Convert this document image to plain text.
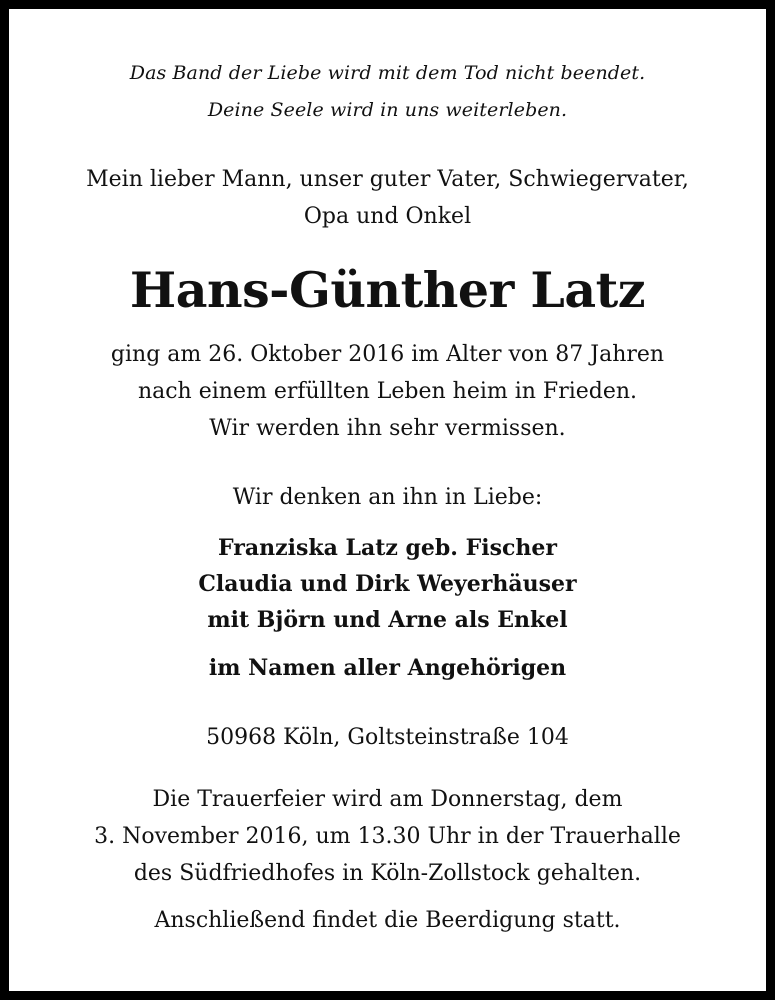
Das Band der Liebe wird mit dem Tod nicht beendet.

Deine Seele wird in uns weiterleben.

Mein lieber Mann, unser guter Vater, Schwiegervater,

Opa und Onkel

Hans-Günther Latz

ging am 26. Oktober 2016 im Alter von 87 Jahren

nach einem erfüllten Leben heim in Frieden.

Wir werden ihn sehr vermissen.

Wir denken an ihn in Liebe:

Franziska Latz geb. Fischer

Claudia und Dirk Weyerhäuser

mit Björn und Arne als Enkel

im Namen aller Angehörigen

50968 Köln, Goltsteinstraße 104

Die Trauerfeier wird am Donnerstag, dem

3. November 2016, um 13.30 Uhr in der Trauerhalle

des Südfriedhofes in Köln-Zollstock gehalten.

Anschließend findet die Beerdigung statt.
